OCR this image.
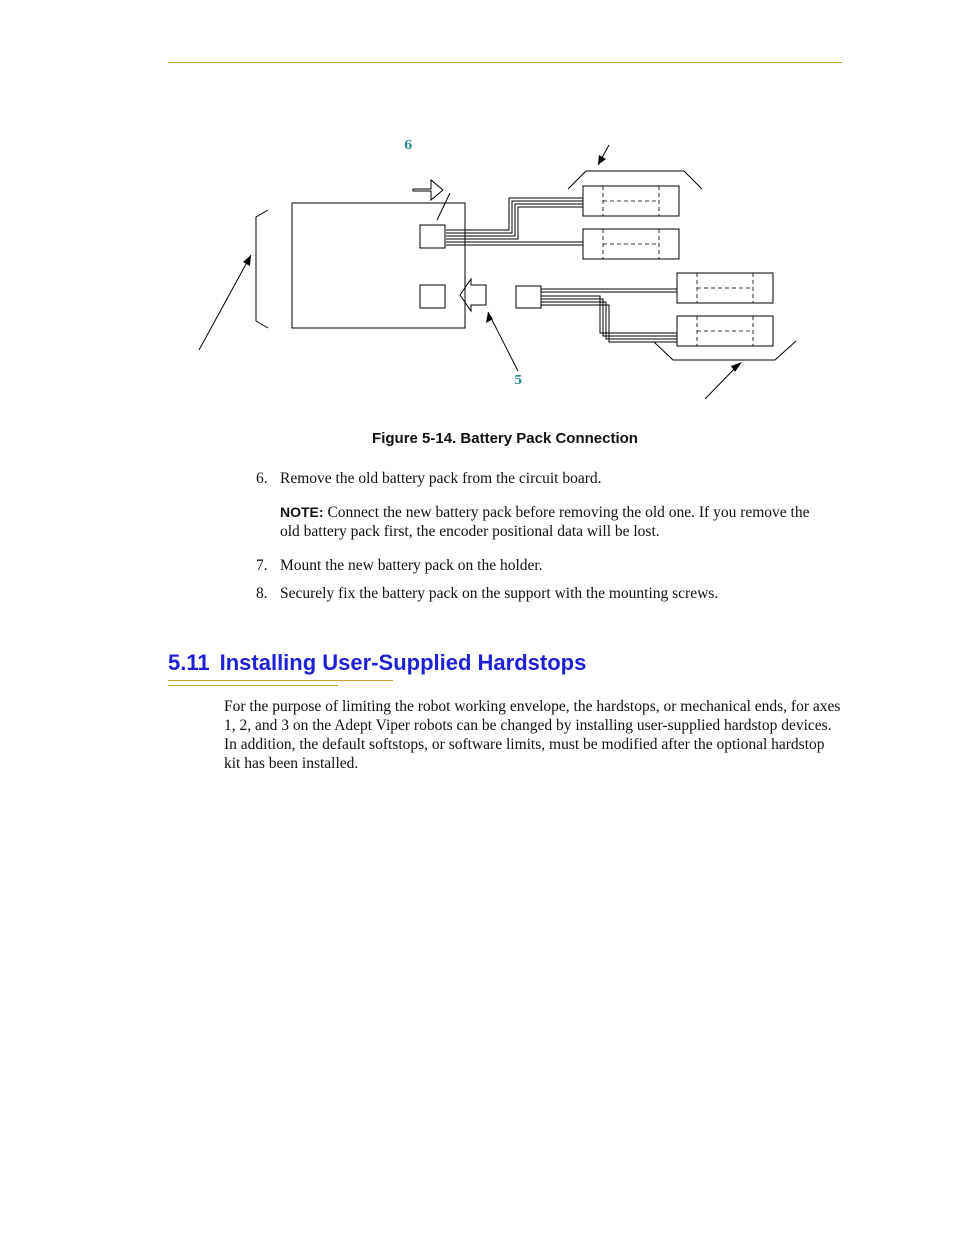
6
5
Figure 5-14. Battery Pack Connection
6. Remove the old battery pack from the circuit board.
NOTE: Connect the new battery pack before removing the old one. If you remove the old battery pack first, the encoder positional data will be lost.
7. Mount the new battery pack on the holder.
8. Securely fix the battery pack on the support with the mounting screws.
5.11 Installing User-Supplied Hardstops

For the purpose of limiting the robot working envelope, the hardstops, or mechanical ends, for axes 1, 2, and 3 on the Adept Viper robots can be changed by installing user-supplied hardstop devices. In addition, the default softstops, or software limits, must be modified after the optional hardstop kit has been installed.
